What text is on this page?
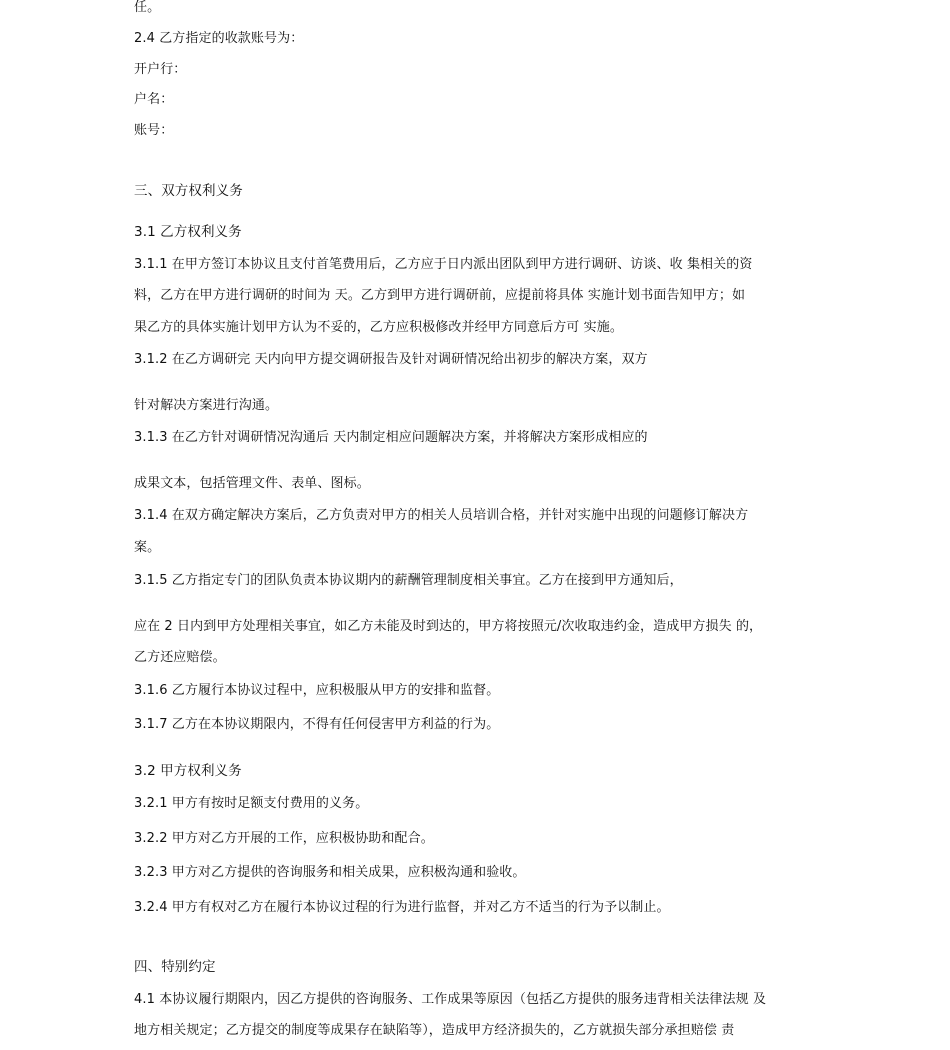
任。
2.4 乙方指定的收款账号为：
开户行：
户名：
账号：
三、双方权利义务
3.1 乙方权利义务
3.1.1 在甲方签订本协议且支付首笔费用后，乙方应于日内派出团队到甲方进行调研、访谈、收 集相关的资
料，乙方在甲方进行调研的时间为 天。乙方到甲方进行调研前，应提前将具体 实施计划书面告知甲方；如
果乙方的具体实施计划甲方认为不妥的，乙方应积极修改并经甲方同意后方可 实施。
3.1.2 在乙方调研完 天内向甲方提交调研报告及针对调研情况给出初步的解决方案，双方
针对解决方案进行沟通。
3.1.3 在乙方针对调研情况沟通后 天内制定相应问题解决方案，并将解决方案形成相应的
成果文本，包括管理文件、表单、图标。
3.1.4 在双方确定解决方案后，乙方负责对甲方的相关人员培训合格，并针对实施中出现的问题修订解决方
案。
3.1.5 乙方指定专门的团队负责本协议期内的薪酬管理制度相关事宜。乙方在接到甲方通知后，
应在 2 日内到甲方处理相关事宜，如乙方未能及时到达的，甲方将按照元/次收取违约金，造成甲方损失 的，
乙方还应赔偿。
3.1.6 乙方履行本协议过程中，应积极服从甲方的安排和监督。
3.1.7 乙方在本协议期限内，不得有任何侵害甲方利益的行为。
3.2 甲方权利义务
3.2.1 甲方有按时足额支付费用的义务。
3.2.2 甲方对乙方开展的工作，应积极协助和配合。
3.2.3 甲方对乙方提供的咨询服务和相关成果，应积极沟通和验收。
3.2.4 甲方有权对乙方在履行本协议过程的行为进行监督，并对乙方不适当的行为予以制止。
四、特别约定
4.1 本协议履行期限内，因乙方提供的咨询服务、工作成果等原因（包括乙方提供的服务违背相关法律法规 及
地方相关规定；乙方提交的制度等成果存在缺陷等），造成甲方经济损失的，乙方就损失部分承担赔偿 责
